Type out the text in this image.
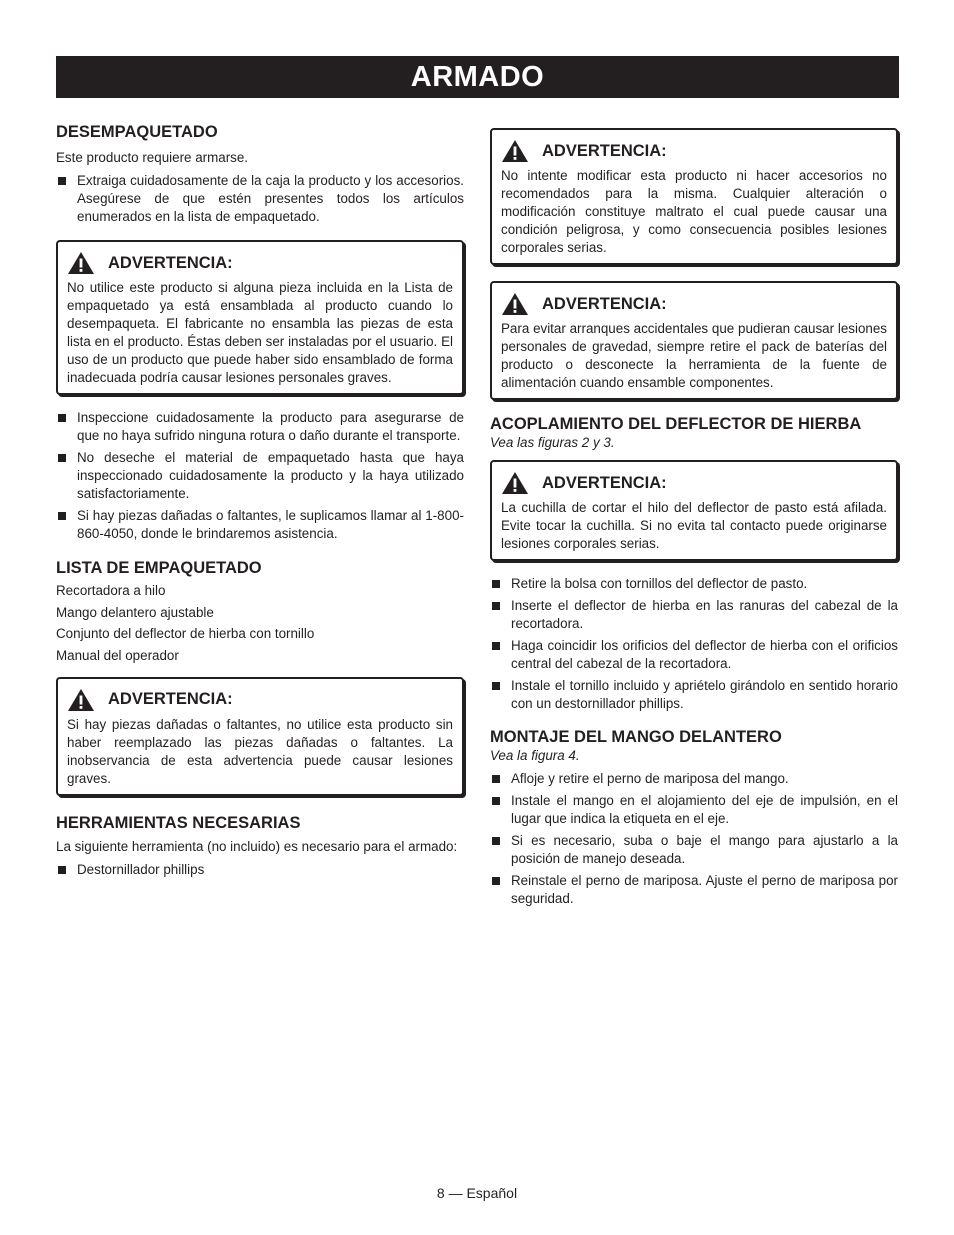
ARMADO
DESEMPAQUETADO

Este producto requiere armarse.

Extraiga cuidadosamente de la caja la producto y los accesorios. Asegúrese de que estén presentes todos los artículos enumerados en la lista de empaquetado.
ADVERTENCIA:
No utilice este producto si alguna pieza incluida en la Lista de empaquetado ya está ensamblada al producto cuando lo desempaqueta. El fabricante no ensambla las piezas de esta lista en el producto. Éstas deben ser instaladas por el usuario. El uso de un producto que puede haber sido ensamblado de forma inadecuada podría causar lesiones personales graves.
Inspeccione cuidadosamente la producto para asegurarse de que no haya sufrido ninguna rotura o daño durante el transporte.
No deseche el material de empaquetado hasta que haya inspeccionado cuidadosamente la producto y la haya utilizado satisfactoriamente.
Si hay piezas dañadas o faltantes, le suplicamos llamar al 1-800-860-4050, donde le brindaremos asistencia.
LISTA DE EMPAQUETADO

Recortadora a hilo

Mango delantero ajustable

Conjunto del deflector de hierba con tornillo

Manual del operador

ADVERTENCIA:
Si hay piezas dañadas o faltantes, no utilice esta producto sin haber reemplazado las piezas dañadas o faltantes. La inobservancia de esta advertencia puede causar lesiones graves.
HERRAMIENTAS NECESARIAS

La siguiente herramienta (no incluido) es necesario para el armado:

Destornillador phillips
ADVERTENCIA:
No intente modificar esta producto ni hacer accesorios no recomendados para la misma. Cualquier alteración o modificación constituye maltrato el cual puede causar una condición peligrosa, y como consecuencia posibles lesiones corporales serias.
ADVERTENCIA:
Para evitar arranques accidentales que pudieran causar lesiones personales de gravedad, siempre retire el pack de baterías del producto o desconecte la herramienta de la fuente de alimentación cuando ensamble componentes.
ACOPLAMIENTO DEL DEFLECTOR DE HIERBA

Vea las figuras 2 y 3.

ADVERTENCIA:
La cuchilla de cortar el hilo del deflector de pasto está afilada. Evite tocar la cuchilla. Si no evita tal contacto puede originarse lesiones corporales serias.
Retire la bolsa con tornillos del deflector de pasto.
Inserte el deflector de hierba en las ranuras del cabezal de la recortadora.
Haga coincidir los orificios del deflector de hierba con el orificios central del cabezal de la recortadora.
Instale el tornillo incluido y apriételo girándolo en sentido horario con un destornillador phillips.
MONTAJE DEL MANGO DELANTERO

Vea la figura 4.

Afloje y retire el perno de mariposa del mango.
Instale el mango en el alojamiento del eje de impulsión, en el lugar que indica la etiqueta en el eje.
Si es necesario, suba o baje el mango para ajustarlo a la posición de manejo deseada.
Reinstale el perno de mariposa. Ajuste el perno de mariposa por seguridad.
8 — Español
